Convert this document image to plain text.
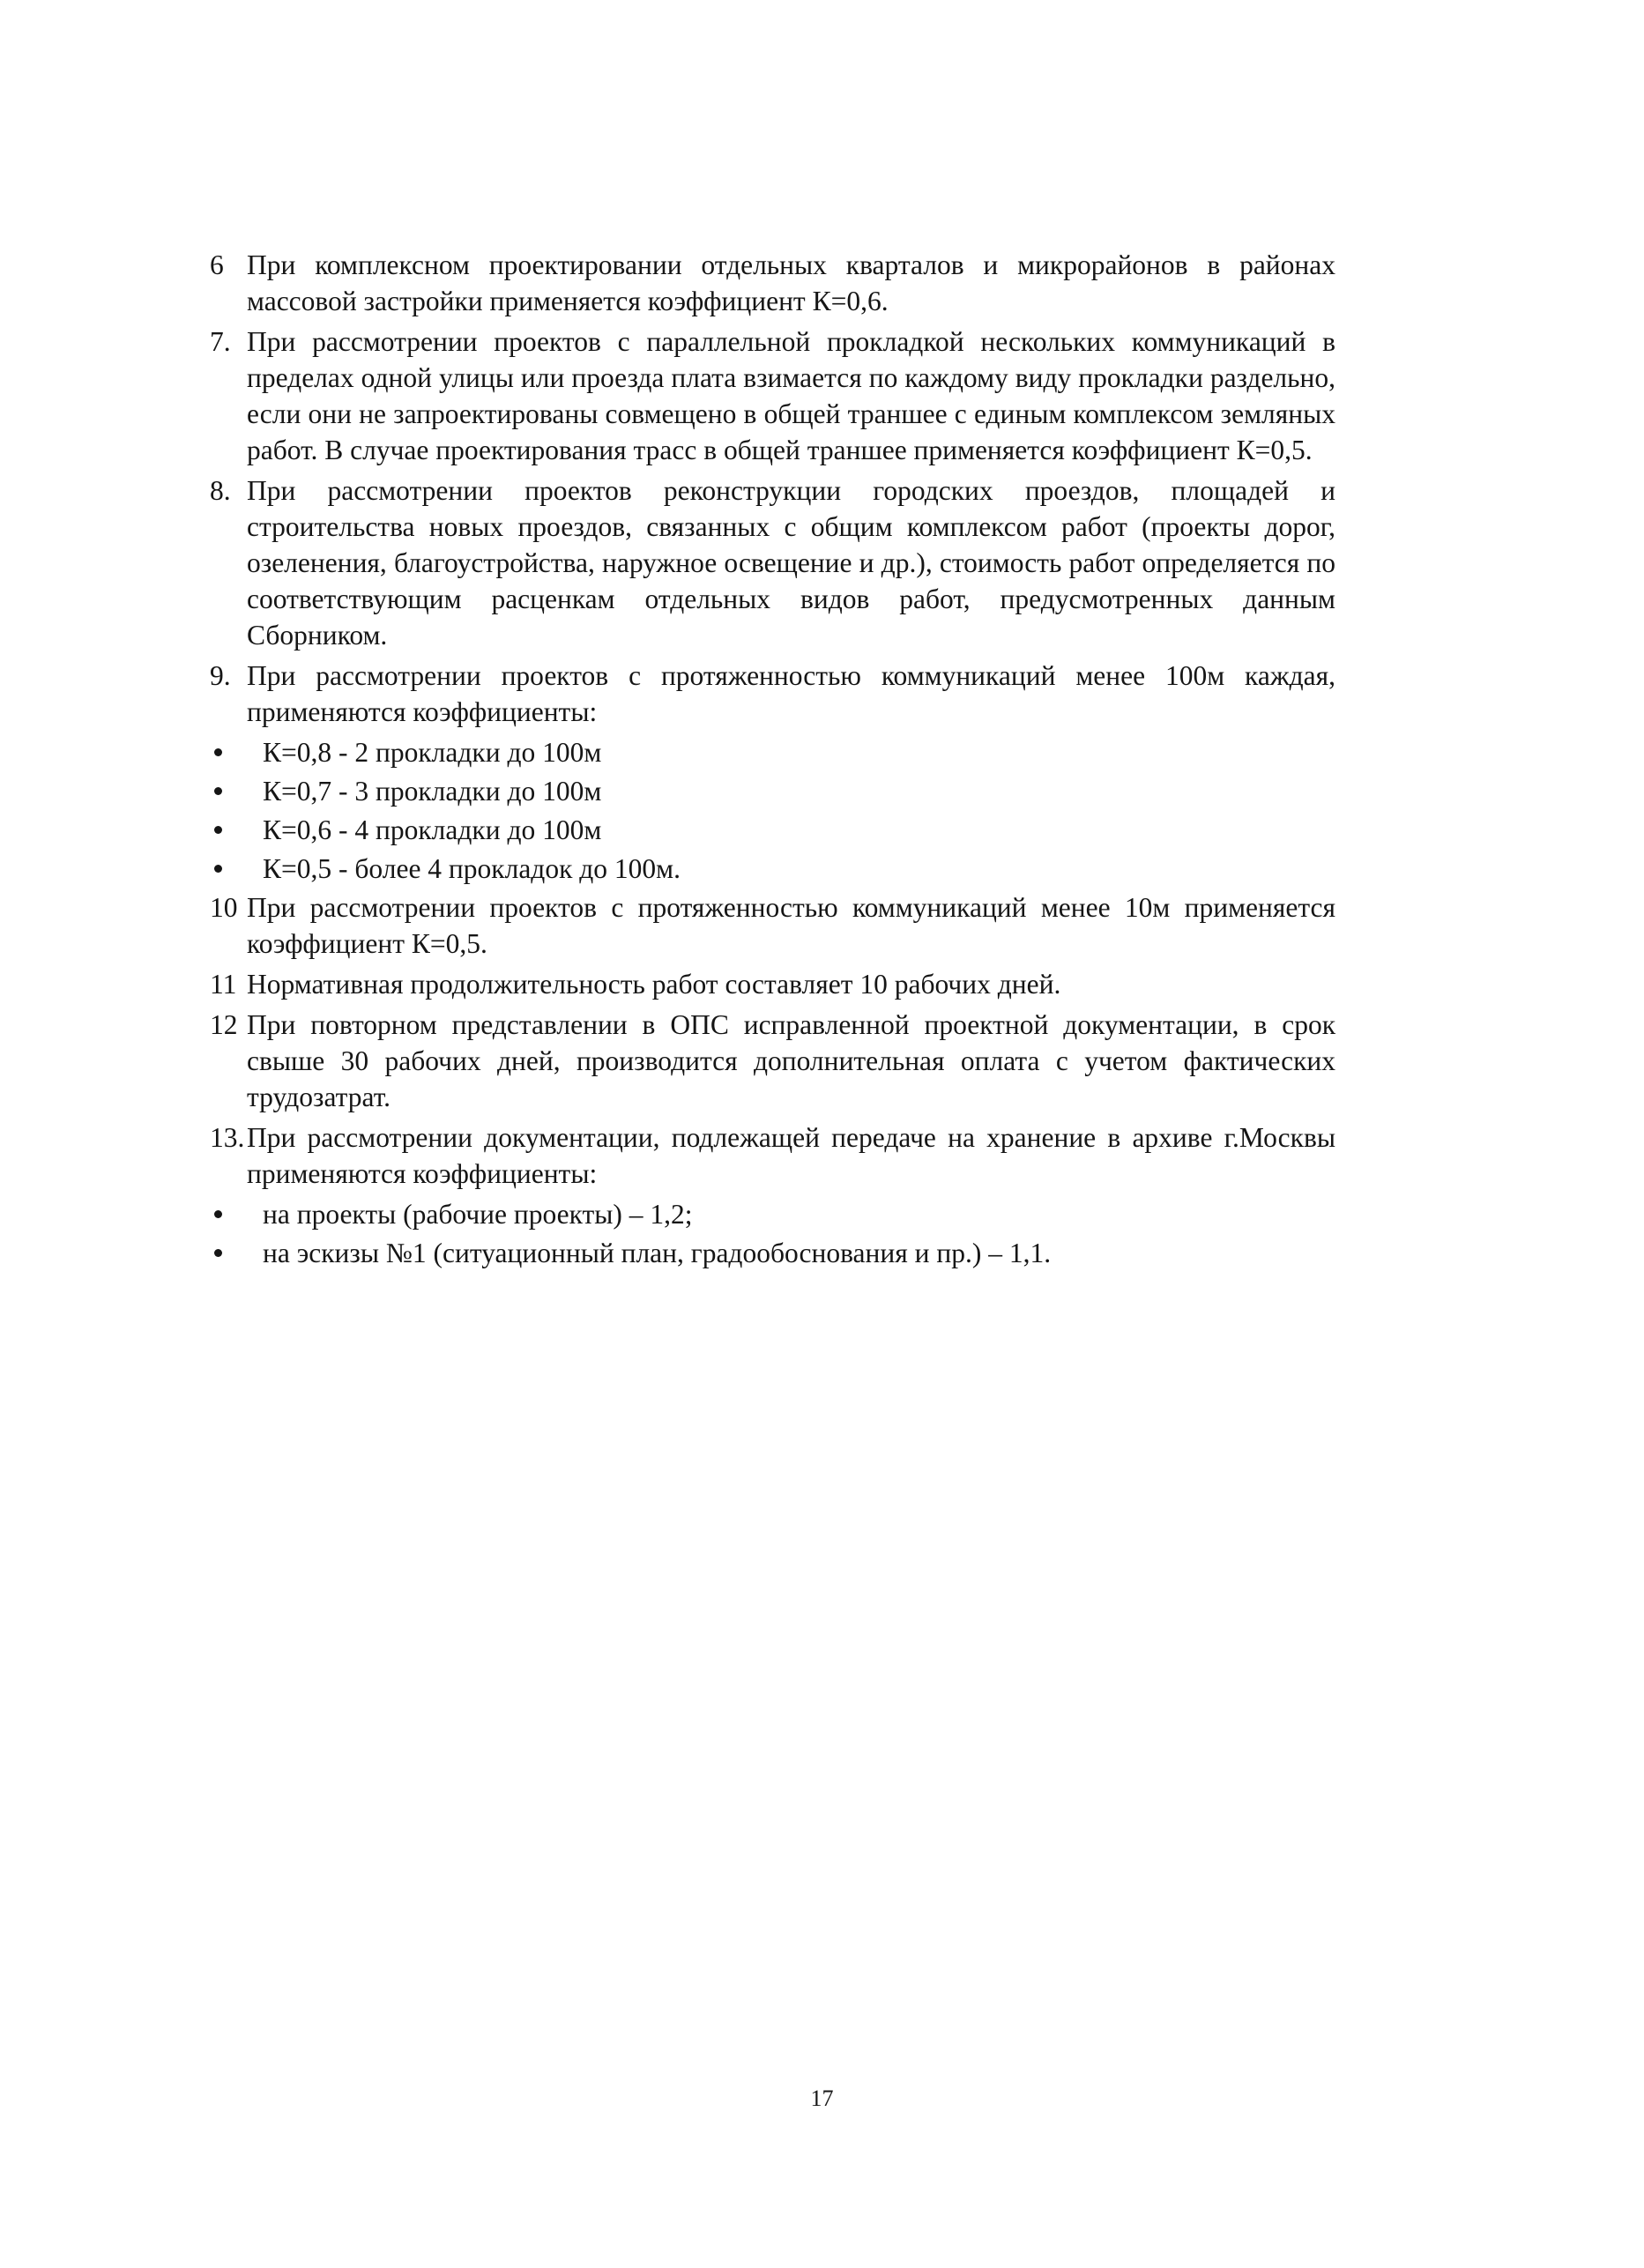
6 При комплексном проектировании отдельных кварталов и микрорайонов в районах массовой застройки применяется коэффициент К=0,6.
7. При рассмотрении проектов с параллельной прокладкой нескольких коммуникаций в пределах одной улицы или проезда плата взимается по каждому виду прокладки раздельно, если они не запроектированы совмещено в общей траншее с единым комплексом земляных работ. В случае проектирования трасс в общей траншее применяется коэффициент К=0,5.
8. При рассмотрении проектов реконструкции городских проездов, площадей и строительства новых проездов, связанных с общим комплексом работ (проекты дорог, озеленения, благоустройства, наружное освещение и др.), стоимость работ определяется по соответствующим расценкам отдельных видов работ, предусмотренных данным Сборником.
9. При рассмотрении проектов с протяженностью коммуникаций менее 100м каждая, применяются коэффициенты:
К=0,8 - 2 прокладки до 100м
К=0,7 - 3 прокладки до 100м
К=0,6 - 4 прокладки до 100м
К=0,5 - более 4 прокладок до 100м.
10 При рассмотрении проектов с протяженностью коммуникаций менее 10м применяется коэффициент К=0,5.
11 Нормативная продолжительность работ составляет 10 рабочих дней.
12 При повторном представлении в ОПС исправленной проектной документации, в срок свыше 30 рабочих дней, производится дополнительная оплата с учетом фактических трудозатрат.
13. При рассмотрении документации, подлежащей передаче на хранение в архиве г.Москвы применяются коэффициенты:
на проекты (рабочие проекты) – 1,2;
на эскизы №1 (ситуационный план, градообоснования и пр.) – 1,1.
17
